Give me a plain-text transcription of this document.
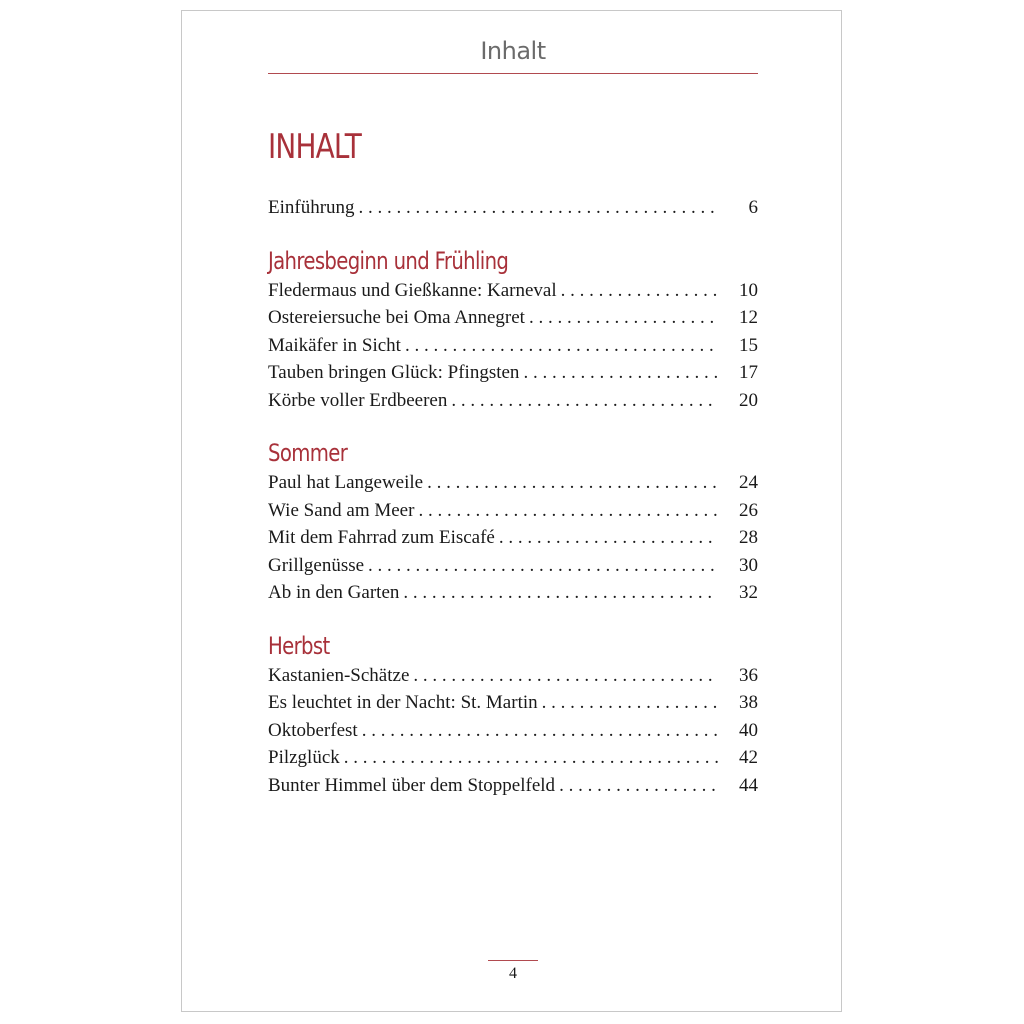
Inhalt
INHALT
Einführung . . .	6
Jahresbeginn und Frühling
Fledermaus und Gießkanne: Karneval . . .	10
Ostereiersuche bei Oma Annegret . . .	12
Maikäfer in Sicht . . .	15
Tauben bringen Glück: Pfingsten . . .	17
Körbe voller Erdbeeren . . .	20
Sommer
Paul hat Langeweile . . .	24
Wie Sand am Meer . . .	26
Mit dem Fahrrad zum Eiscafé . . .	28
Grillgenüsse . . .	30
Ab in den Garten . . .	32
Herbst
Kastanien-Schätze . . .	36
Es leuchtet in der Nacht: St. Martin . . .	38
Oktoberfest . . .	40
Pilzglück . . .	42
Bunter Himmel über dem Stoppelfeld . . .	44
4
